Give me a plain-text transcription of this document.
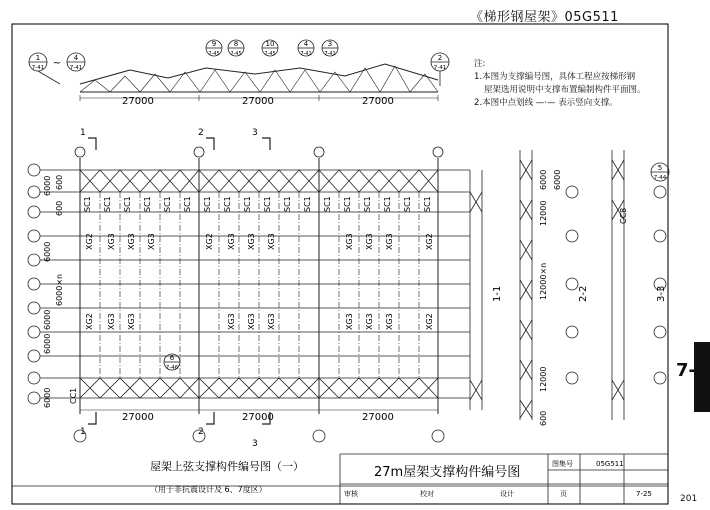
27000	27000	27000
1
7-41
4
7-41
9
7-45
8
7-45
10
7-45
4
7-41
3
7-41	2
7-41
~
1	2	3
1	2
3
27000	27000	27000
6000 600
600
6000
6000
6000
6000
6000×n
SC1 SC1 SC1 SC1 SC1 SC1 SC1 SC1 SC1 SC1 SC1 SC1 SC1 SC1 SC1 SC1 SC1 SC1
XG2 XG3 XG3 XG3	XG2 XG3 XG3 XG3	XG3 XG3 XG3	XG2
XG2 XG3 XG3	XG3 XG3 XG3	XG3 XG3 XG3	XG2
CC1
6
7-46
1-1	2-2	3-3
12000
6000
12000×n
12000
600
6000
CC8
5
7-44
屋架上弦支撑构件编号图（一）
（用于非抗震设计及 6、7度区）
27m屋架支撑构件编号图
图集号	05G511
页	7-25
审核	校对	设计
《梯形钢屋架》05G511
注:
1.本图为支撑编号图，具体工程应按梯形钢
屋架选用说明中支撑布置编制构件平面图。
2.本图中点划线 —·— 表示竖向支撑。
7-
201
